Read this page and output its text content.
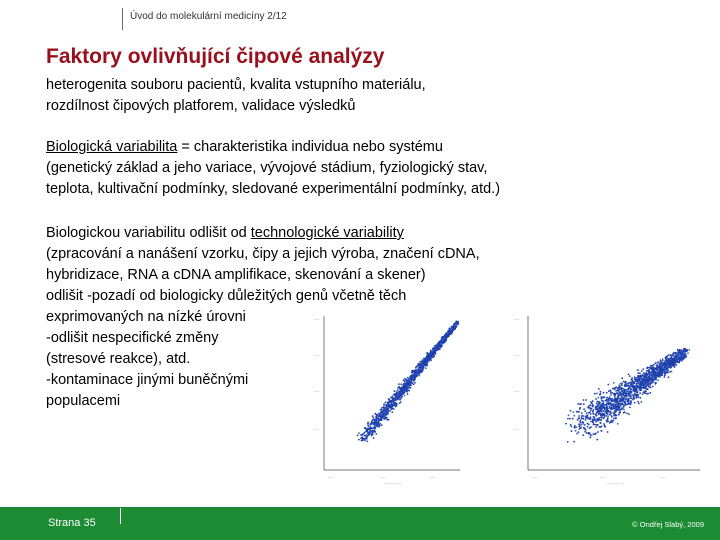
Úvod do molekulární medicíny 2/12
Faktory ovlivňující čipové analýzy
heterogenita souboru pacientů, kvalita vstupního materiálu,
rozdílnost čipových platforem, validace výsledků
Biologická variabilita = charakteristika individua nebo systému
(genetický základ a jeho variace, vývojové stádium, fyziologický stav,
teplota, kultivační podmínky, sledované experimentální podmínky, atd.)
Biologickou variabilitu odlišit od technologické variability
(zpracování a nanášení vzorku, čipy a jejich výroba, značení cDNA,
hybridizace, RNA a cDNA amplifikace, skenování a skener)
odlišit -pozadí od biologicky důležitých genů včetně těch
exprimovaných na nízké úrovni
-odlišit nespecifické změny
(stresové reakce), atd.
-kontaminace jinými buněčnými
populacemi
....
....
....
....
....	....	....
.............
....
....
....
....
....	....	....
.............
Strana 35	© Ondřej Slabý, 2009
